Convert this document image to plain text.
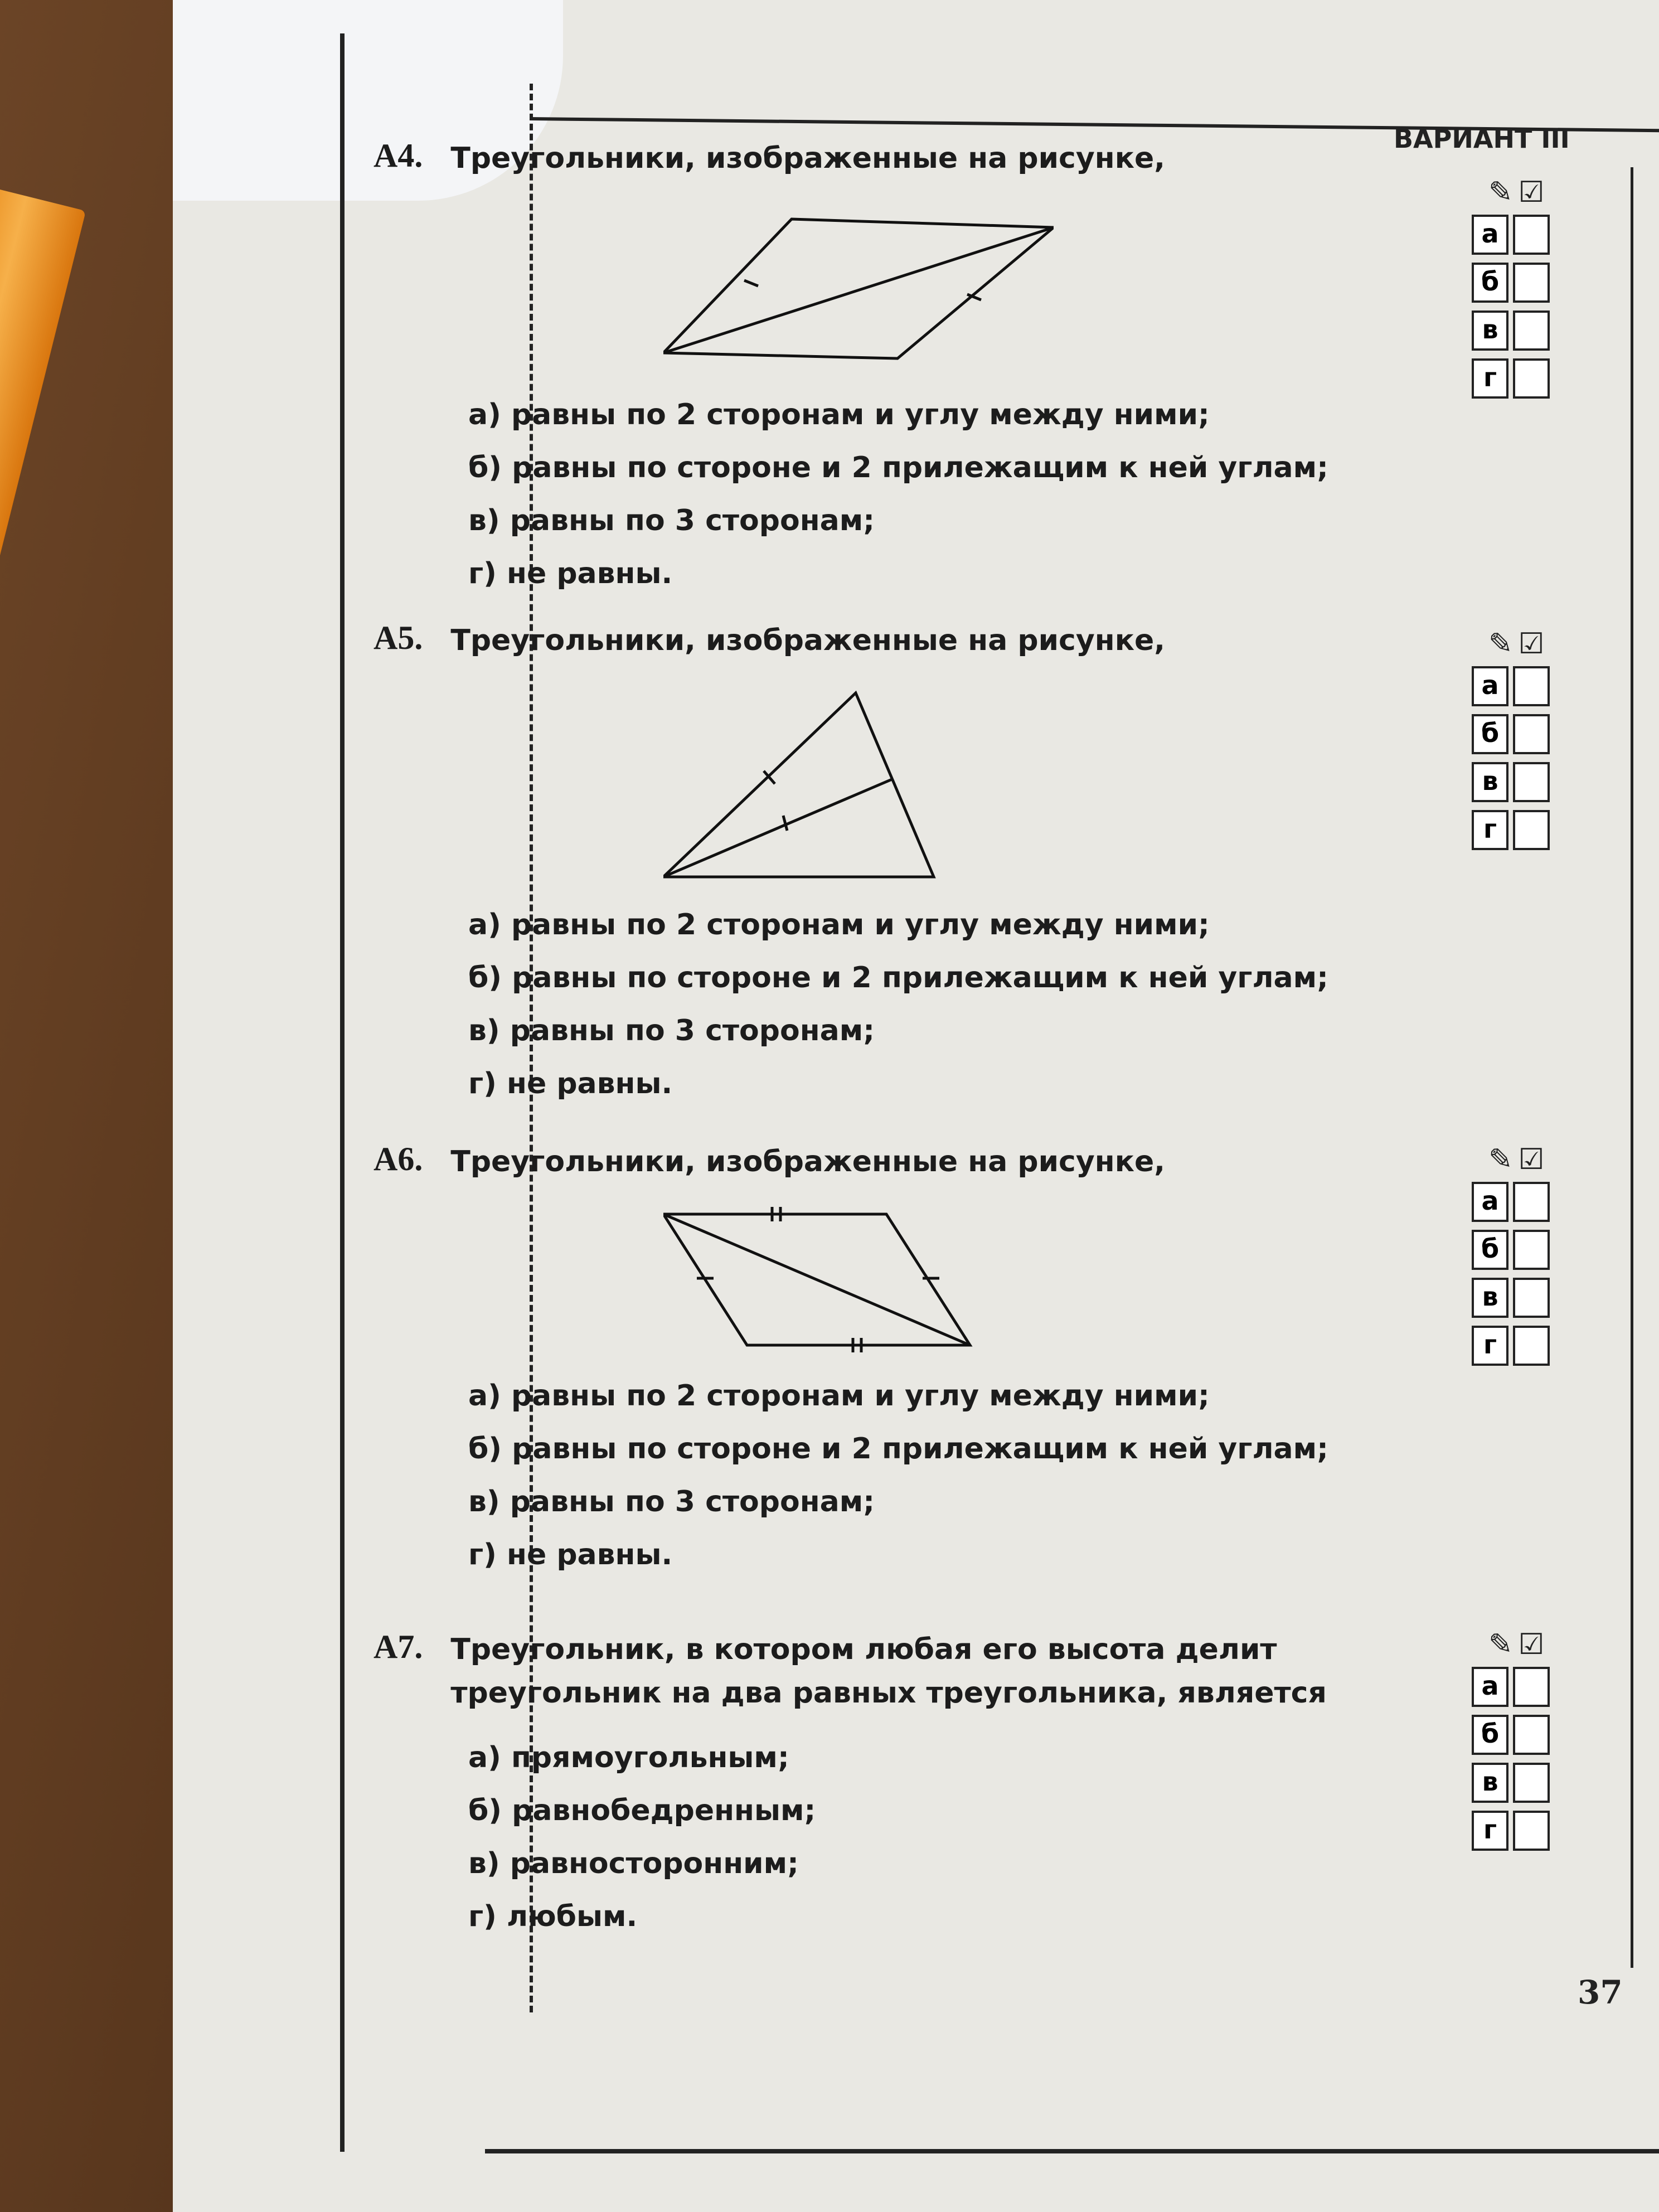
ВАРИАНТ III
37
А4. Треугольники, изображенные на рисунке,
а) равны по 2 сторонам и углу между ними;
б) равны по стороне и 2 прилежащим к ней углам;
в) равны по 3 сторонам;
г) не равны.
А5. Треугольники, изображенные на рисунке,
а) равны по 2 сторонам и углу между ними;
б) равны по стороне и 2 прилежащим к ней углам;
в) равны по 3 сторонам;
г) не равны.
А6. Треугольники, изображенные на рисунке,
а) равны по 2 сторонам и углу между ними;
б) равны по стороне и 2 прилежащим к ней углам;
в) равны по 3 сторонам;
г) не равны.
А7. Треугольник, в котором любая его высота делит треугольник на два равных треугольника, является
а) прямоугольным;
б) равнобедренным;
в) равносторонним;
г) любым.
✎ ☑
а
б
в
г
✎ ☑
а
б
в
г
✎ ☑
а
б
в
г
✎ ☑
а
б
в
г
